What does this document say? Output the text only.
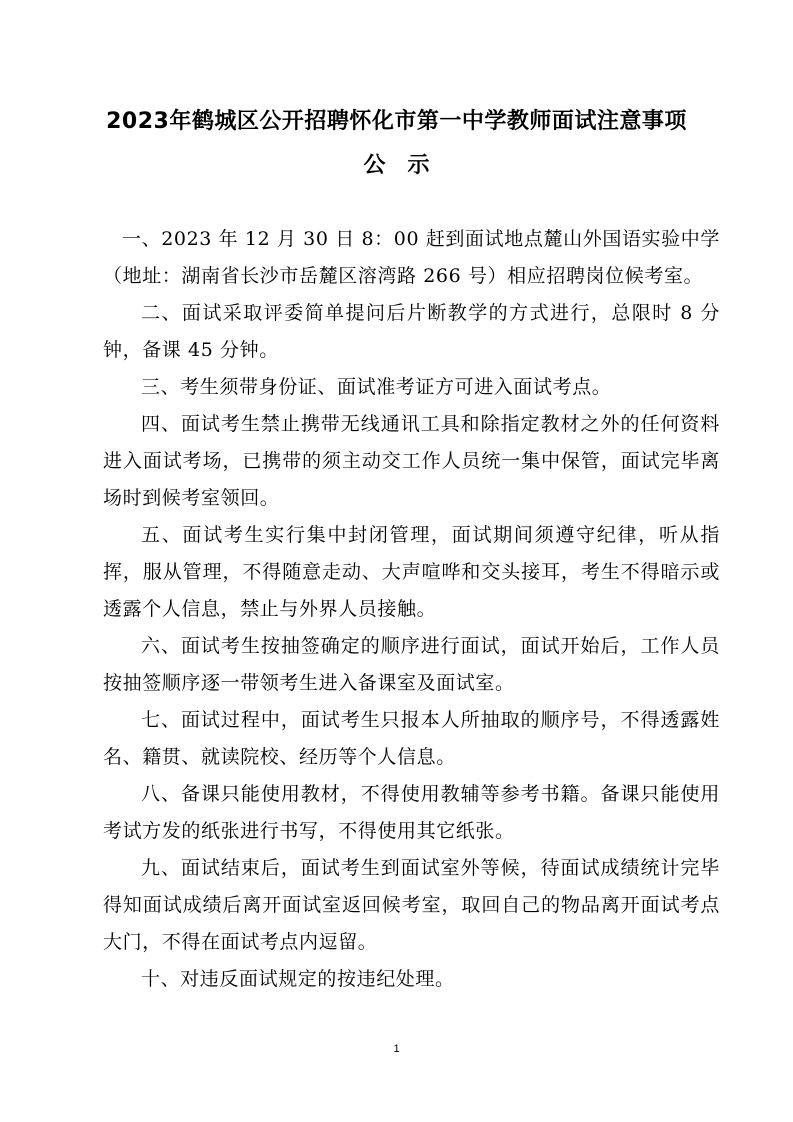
2023年鹤城区公开招聘怀化市第一中学教师面试注意事项
公示

一、2023 年 12 月 30 日 8：00 赶到面试地点麓山外国语实验中学（地址：湖南省长沙市岳麓区溶湾路 266 号）相应招聘岗位候考室。

二、面试采取评委简单提问后片断教学的方式进行，总限时 8 分钟，备课 45 分钟。

三、考生须带身份证、面试准考证方可进入面试考点。

四、面试考生禁止携带无线通讯工具和除指定教材之外的任何资料进入面试考场，已携带的须主动交工作人员统一集中保管，面试完毕离场时到候考室领回。

五、面试考生实行集中封闭管理，面试期间须遵守纪律，听从指挥，服从管理，不得随意走动、大声喧哗和交头接耳，考生不得暗示或透露个人信息，禁止与外界人员接触。

六、面试考生按抽签确定的顺序进行面试，面试开始后，工作人员按抽签顺序逐一带领考生进入备课室及面试室。

七、面试过程中，面试考生只报本人所抽取的顺序号，不得透露姓名、籍贯、就读院校、经历等个人信息。

八、备课只能使用教材，不得使用教辅等参考书籍。备课只能使用考试方发的纸张进行书写，不得使用其它纸张。

九、面试结束后，面试考生到面试室外等候，待面试成绩统计完毕得知面试成绩后离开面试室返回候考室，取回自己的物品离开面试考点大门，不得在面试考点内逗留。

十、对违反面试规定的按违纪处理。

1
